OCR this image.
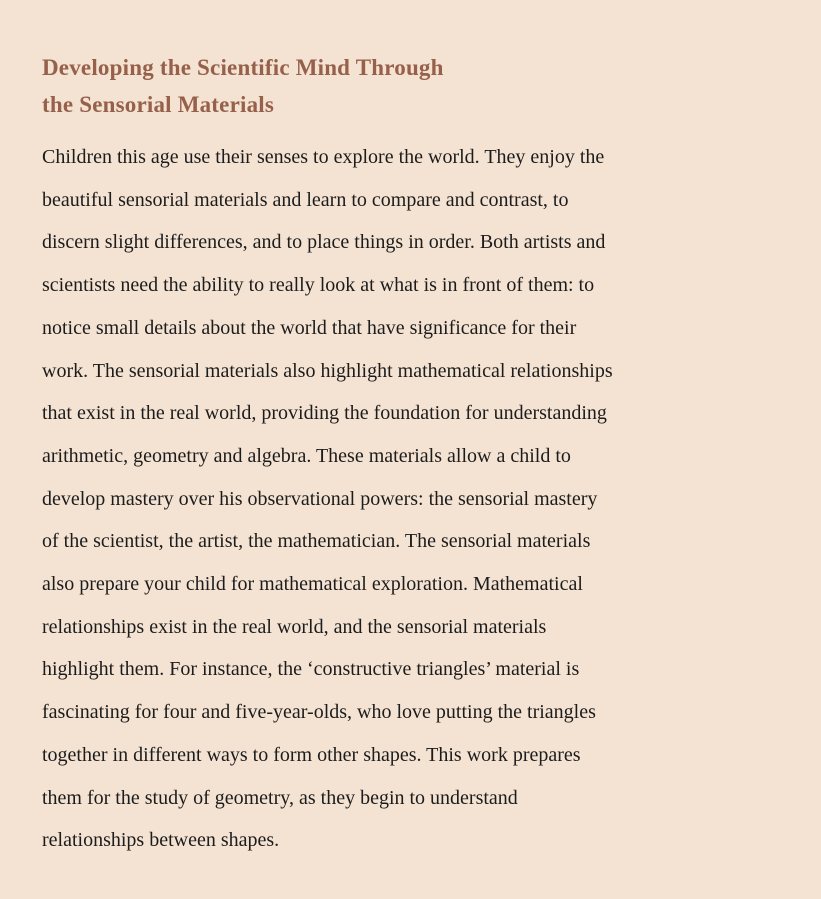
Developing the Scientific Mind Through
the Sensorial Materials
Children this age use their senses to explore the world. They enjoy the
beautiful sensorial materials and learn to compare and contrast, to
discern slight differences, and to place things in order. Both artists and
scientists need the ability to really look at what is in front of them: to
notice small details about the world that have significance for their
work. The sensorial materials also highlight mathematical relationships
that exist in the real world, providing the foundation for understanding
arithmetic, geometry and algebra. These materials allow a child to
develop mastery over his observational powers: the sensorial mastery
of the scientist, the artist, the mathematician. The sensorial materials
also prepare your child for mathematical exploration. Mathematical
relationships exist in the real world, and the sensorial materials
highlight them. For instance, the ‘constructive triangles’ material is
fascinating for four and five-year-olds, who love putting the triangles
together in different ways to form other shapes. This work prepares
them for the study of geometry, as they begin to understand
relationships between shapes.
